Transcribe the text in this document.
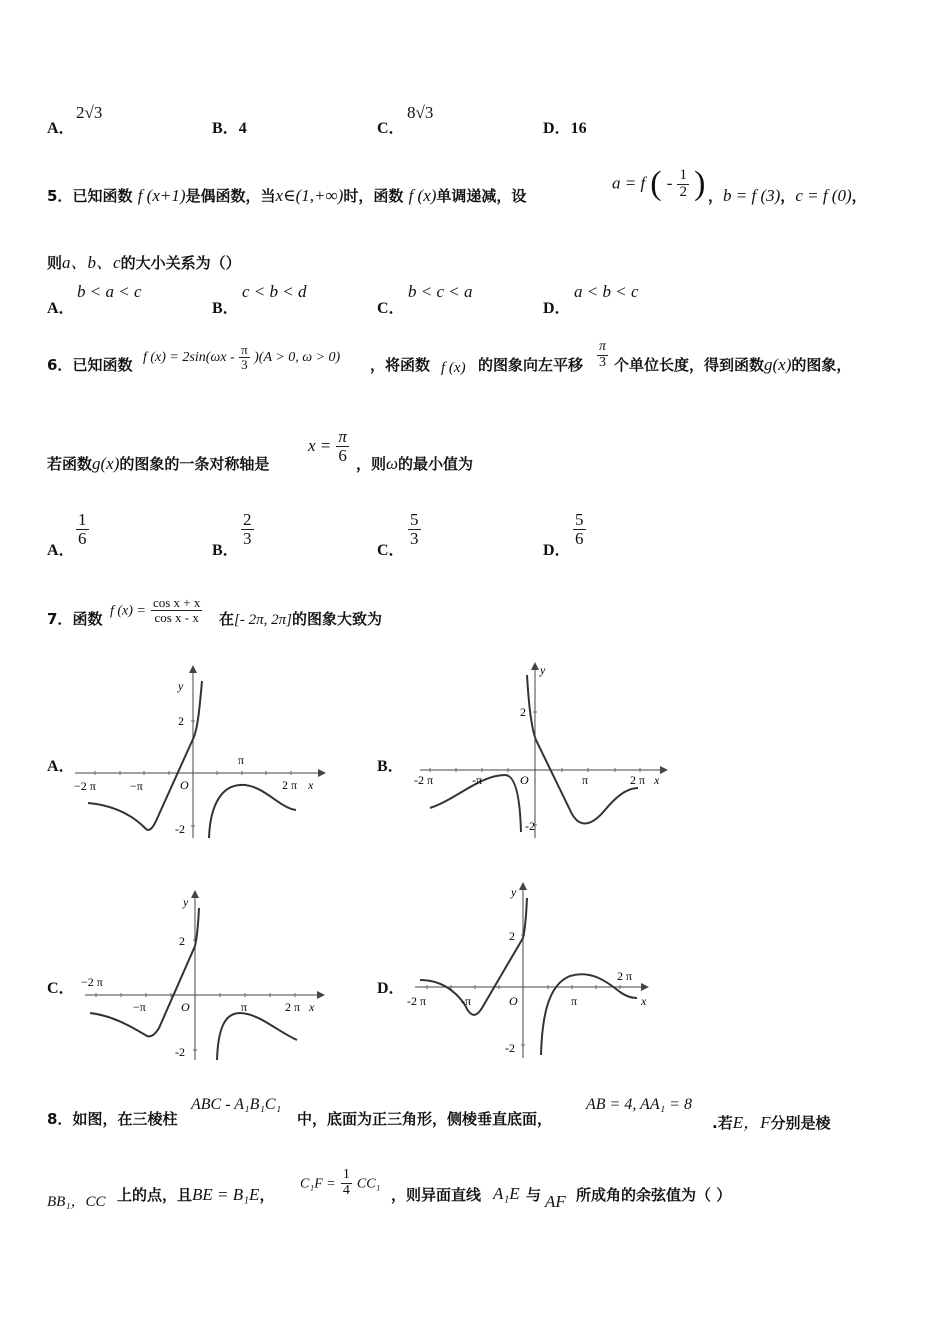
A．
2√3
B．4	C．
8√3
D．16
5．已知函数 f (x+1)是偶函数，当x∈(1,+∞)时，函数 f (x)单调递减，设
a = f ( - $\frac{1}{2}$ ) ，b = f (3)，c = f (0)，
则a、b、c的大小关系为（）
A．
b < a < c
B．
c < b < d
C．
b < c < a
D．
a < b < c
6．已知函数 f $(x) = 2\sin(\omega x - \frac{\pi}{3} )(A > 0$, ω > 0) ，将函数 f (x) 的图象向左平移 $\frac{\pi}{3}$ 个单位长度，得到函数g(x)的图象，
若函数g(x)的图象的一条对称轴是
$x = \frac{\pi}{6}$ ，则ω的最小值为
A．
$\frac{1}{6}$
B．
$\frac{2}{3}$
C．
$\frac{5}{3}$
D．
$\frac{5}{6}$
7．函数 f $(x) = \frac{\text{cos x + x}}{\text{cos x - x}}$ 在[- 2π, 2π]的图象大致为
A．
y
2
-2
π
−π
−2 π	2 π x
O
B．
y
2
-2
π
-π
-2 π	2 π x
O
C．
y
2
-2
π
−π
−2 π
2 π x
O
D．
y
2
-2
π
-π
-2 π
2 π
x
O
8．如图，在三棱柱
ABC - A₁B₁C₁
中，底面为正三角形，侧棱垂直底面，
AB = 4, AA₁ = 8
.若E，F分别是棱
BB₁，CC 上的点，且BE = B₁E，
$C_1F = \frac{1}{4} CC_1$
，则异面直线 A₁E 与 AF 所成角的余弦值为（ ）
